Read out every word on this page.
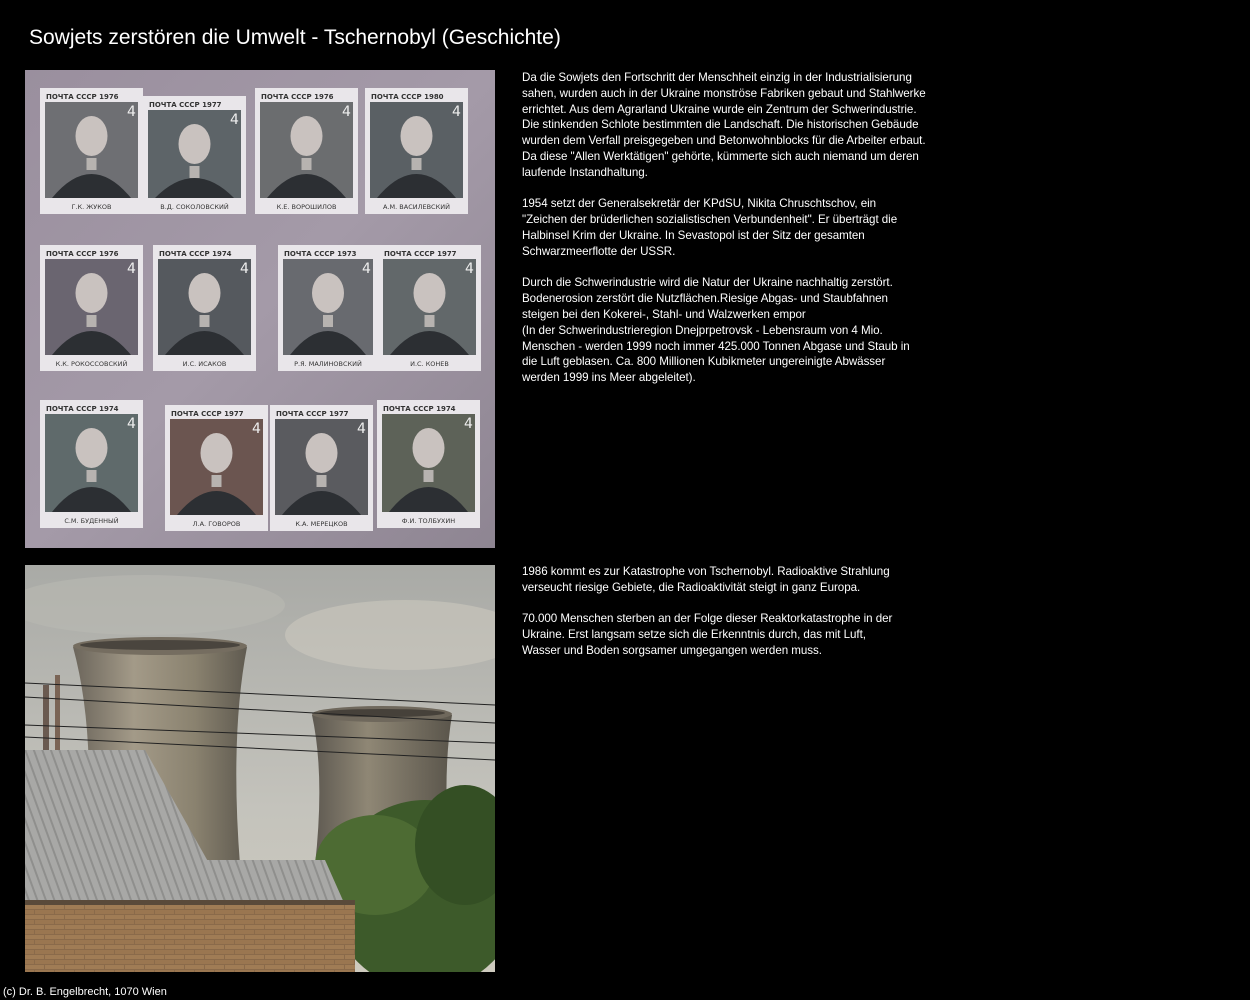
Sowjets zerstören die Umwelt - Tschernobyl (Geschichte)
ПОЧТА СССР 1976
4
Г.К. ЖУКОВ
ПОЧТА СССР 1977
4
В.Д. СОКОЛОВСКИЙ
ПОЧТА СССР 1976
4
К.Е. ВОРОШИЛОВ
ПОЧТА СССР 1980
4
А.М. ВАСИЛЕВСКИЙ
ПОЧТА СССР 1976
4
К.К. РОКОССОВСКИЙ
ПОЧТА СССР 1974
4
И.С. ИСАКОВ
ПОЧТА СССР 1973
4
Р.Я. МАЛИНОВСКИЙ
ПОЧТА СССР 1977
4
И.С. КОНЕВ
ПОЧТА СССР 1974
4
С.М. БУДЕННЫЙ
ПОЧТА СССР 1977
4
Л.А. ГОВОРОВ
ПОЧТА СССР 1977
4
К.А. МЕРЕЦКОВ
ПОЧТА СССР 1974
4
Ф.И. ТОЛБУХИН

Da die Sowjets den Fortschritt der Menschheit einzig in der Industrialisierung
sahen, wurden auch in der Ukraine monströse Fabriken gebaut und Stahlwerke
errichtet. Aus dem Agrarland Ukraine wurde ein Zentrum der Schwerindustrie.
Die stinkenden Schlote bestimmten die Landschaft. Die historischen Gebäude
wurden dem Verfall preisgegeben und Betonwohnblocks für die Arbeiter erbaut.
Da diese "Allen Werktätigen" gehörte, kümmerte sich auch niemand um deren
laufende Instandhaltung.

1954 setzt der Generalsekretär der KPdSU, Nikita Chruschtschov, ein
"Zeichen der brüderlichen sozialistischen Verbundenheit". Er überträgt die
Halbinsel Krim der Ukraine. In Sevastopol ist der Sitz der gesamten
Schwarzmeerflotte der USSR.

Durch die Schwerindustrie wird die Natur der Ukraine nachhaltig zerstört.
Bodenerosion zerstört die Nutzflächen.Riesige Abgas- und Staubfahnen
steigen bei den Kokerei-, Stahl- und Walzwerken empor
(In der Schwerindustrieregion Dnejprpetrovsk - Lebensraum von 4 Mio.
Menschen - werden 1999 noch immer 425.000 Tonnen Abgase und Staub in
die Luft geblasen. Ca. 800 Millionen Kubikmeter ungereinigte Abwässer
werden 1999 ins Meer abgeleitet).

1986 kommt es zur Katastrophe von Tschernobyl. Radioaktive Strahlung
verseucht riesige Gebiete, die Radioaktivität steigt in ganz Europa.

70.000 Menschen sterben an der Folge dieser Reaktorkatastrophe in der
Ukraine. Erst langsam setze sich die Erkenntnis durch, das mit Luft,
Wasser und Boden sorgsamer umgegangen werden muss.

(c) Dr. B. Engelbrecht, 1070 Wien
